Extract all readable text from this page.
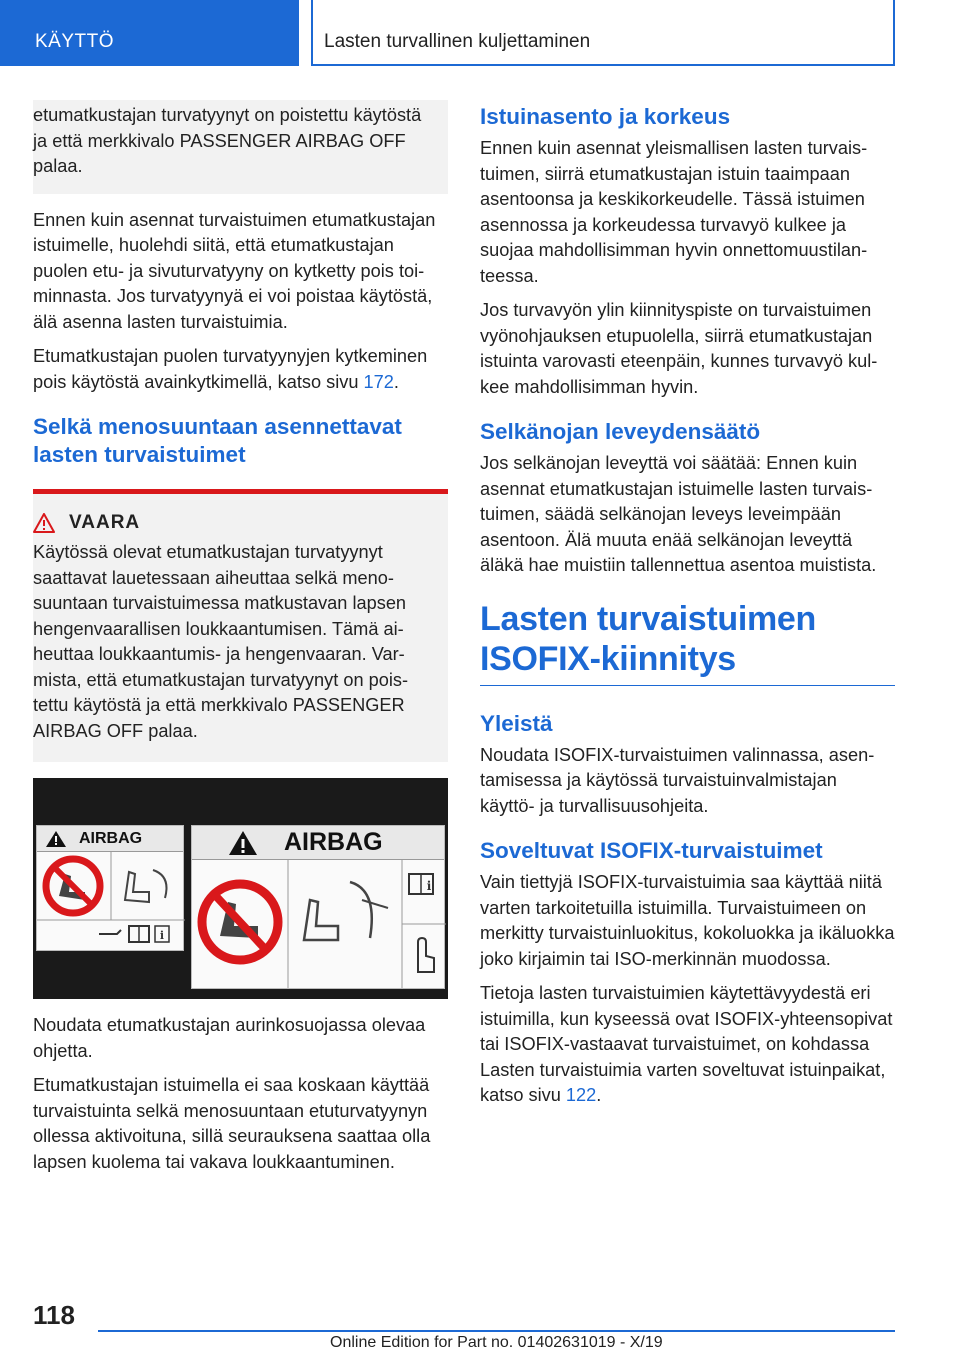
KÄYTTÖ	Lasten turvallinen kuljettaminen

etumatkustajan turvatyynyt on poistettu käytöstä ja että merkkivalo PASSENGER AIRBAG OFF palaa.

Ennen kuin asennat turvaistuimen etumatkustajan istuimelle, huolehdi siitä, että etumatkustajan puolen etu- ja sivuturvatyyny on kytketty pois toiminnasta. Jos turvatyynyä ei voi poistaa käytöstä, älä asenna lasten turvaistuimia.

Etumatkustajan puolen turvatyynyjen kytkeminen pois käytöstä avainkytkimellä, katso sivu 172.

Selkä menosuuntaan asennettavat lasten turvaistuimet
VAARA

Käytössä olevat etumatkustajan turvatyynyt saattavat lauetessaan aiheuttaa selkä menosuuntaan turvaistuimessa matkustavan lapsen hengenvaarallisen loukkaantumisen. Tämä aiheuttaa loukkaantumis- ja hengenvaaran. Varmista, että etumatkustajan turvatyynyt on poistettu käytöstä ja että merkkivalo PASSENGER AIRBAG OFF palaa.

AIRBAG
i
AIRBAG
i

Noudata etumatkustajan aurinkosuojassa olevaa ohjetta.

Etumatkustajan istuimella ei saa koskaan käyttää turvaistuinta selkä menosuuntaan etuturvatyynyn ollessa aktivoituna, sillä seurauksena saattaa olla lapsen kuolema tai vakava loukkaantuminen.

Istuinasento ja korkeus

Ennen kuin asennat yleismallisen lasten turvaistuimen, siirrä etumatkustajan istuin taaimpaan asentoonsa ja keskikorkeudelle. Tässä istuimen asennossa ja korkeudessa turvavyö kulkee ja suojaa mahdollisimman hyvin onnettomuustilanteessa.

Jos turvavyön ylin kiinnityspiste on turvaistuimen vyönohjauksen etupuolella, siirrä etumatkustajan istuinta varovasti eteenpäin, kunnes turvavyö kulkee mahdollisimman hyvin.

Selkänojan leveydensäätö

Jos selkänojan leveyttä voi säätää: Ennen kuin asennat etumatkustajan istuimelle lasten turvaistuimen, säädä selkänojan leveys leveimpään asentoon. Älä muuta enää selkänojan leveyttä äläkä hae muistiin tallennettua asentoa muistista.

Lasten turvaistuimen ISOFIX-kiinnitys
Yleistä

Noudata ISOFIX-turvaistuimen valinnassa, asentamisessa ja käytössä turvaistuinvalmistajan käyttö- ja turvallisuusohjeita.

Soveltuvat ISOFIX-turvaistuimet

Vain tiettyjä ISOFIX-turvaistuimia saa käyttää niitä varten tarkoitetuilla istuimilla. Turvaistuimeen on merkitty turvaistuinluokitus, kokoluokka ja ikäluokka joko kirjaimin tai ISO-merkinnän muodossa.

Tietoja lasten turvaistuimien käytettävyydestä eri istuimilla, kun kyseessä ovat ISOFIX-yhteensopivat tai ISOFIX-vastaavat turvaistuimet, on kohdassa Lasten turvaistuimia varten soveltuvat istuinpaikat, katso sivu 122.

118
Online Edition for Part no. 01402631019 - X/19
